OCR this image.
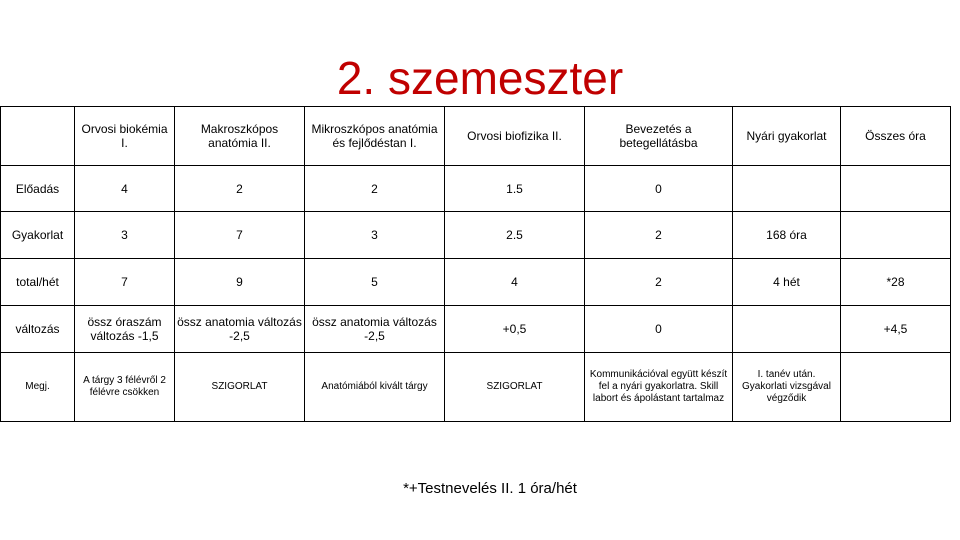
2. szemeszter
	Orvosi biokémia I.	Makroszkópos anatómia II.	Mikroszkópos anatómia és fejlődéstan I.	Orvosi biofizika II.	Bevezetés a betegellátásba	Nyári gyakorlat	Összes óra
Előadás	4	2	2	1.5	0		
Gyakorlat	3	7	3	2.5	2	168 óra	
total/hét	7	9	5	4	2	4 hét	*28
változás	össz óraszám változás -1,5	össz anatomia változás -2,5	össz anatomia változás -2,5	+0,5	0		+4,5
Megj.	A tárgy 3 félévről 2 félévre csökken	SZIGORLAT	Anatómiából kivált tárgy	SZIGORLAT	Kommunikációval együtt készít fel a nyári gyakorlatra. Skill labort és ápolástant tartalmaz	I. tanév után. Gyakorlati vizsgával végződik	
*+Testnevelés II. 1 óra/hét
